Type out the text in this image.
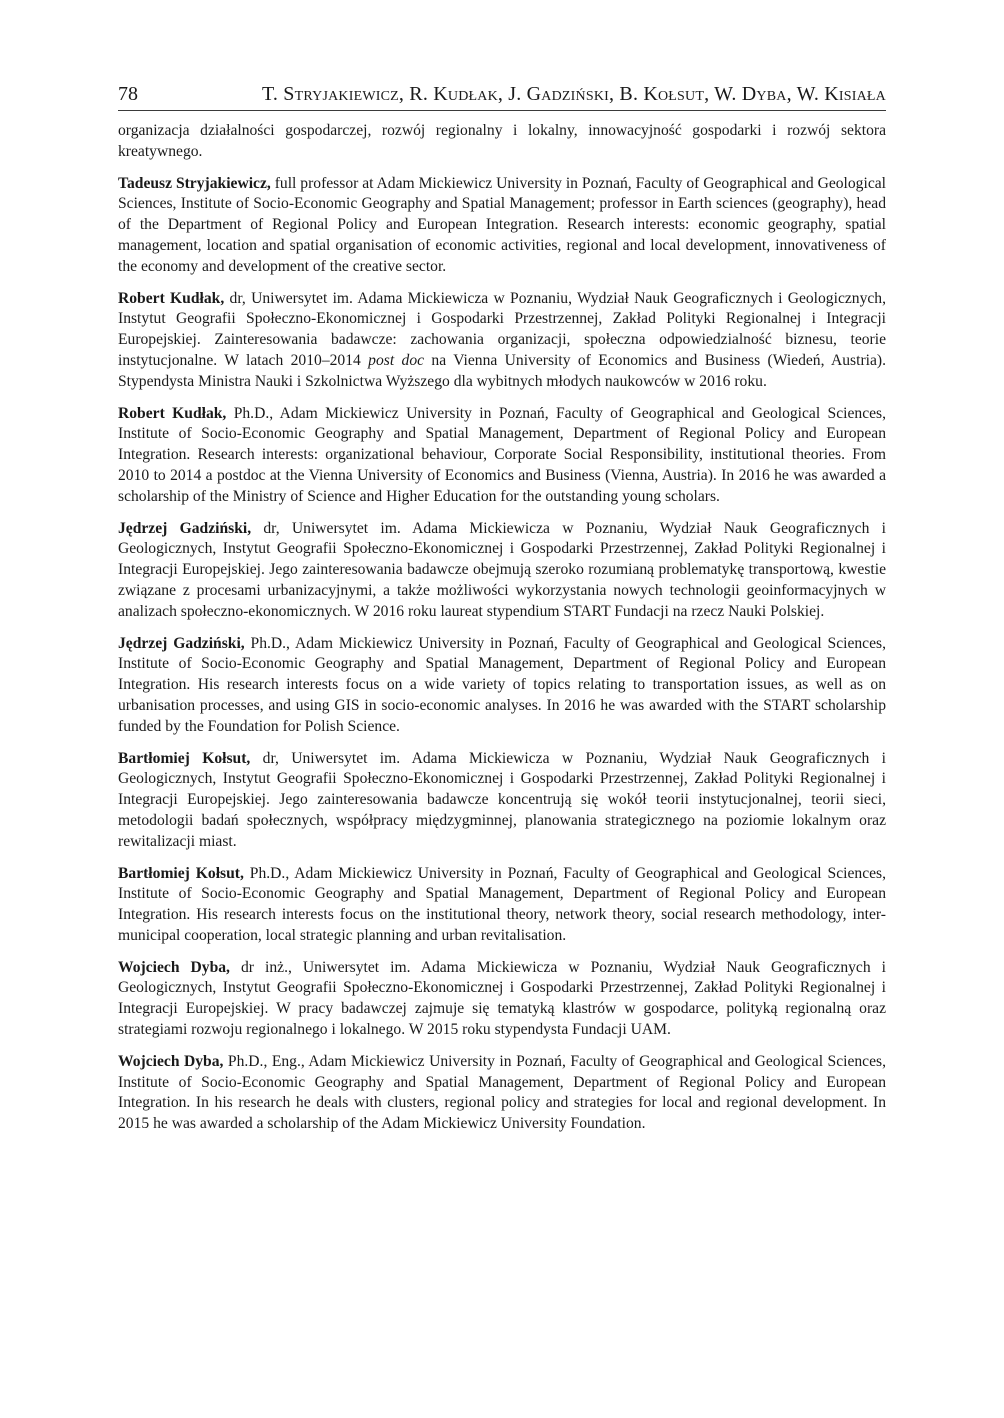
78	T. Stryjakiewicz, R. Kudłak, J. Gadziński, B. Kołsut, W. Dyba, W. Kisiała

organizacja działalności gospodarczej, rozwój regionalny i lokalny, innowacyjność gospodarki i rozwój sektora kreatywnego.

Tadeusz Stryjakiewicz, full professor at Adam Mickiewicz University in Poznań, Faculty of Geographical and Geological Sciences, Institute of Socio-Economic Geography and Spatial Management; professor in Earth sciences (geography), head of the Department of Regional Policy and European Integration. Research interests: economic geography, spatial management, location and spatial organisation of economic activities, regional and local development, innovativeness of the economy and development of the creative sector.

Robert Kudłak, dr, Uniwersytet im. Adama Mickiewicza w Poznaniu, Wydział Nauk Geograficznych i Geologicznych, Instytut Geografii Społeczno-Ekonomicznej i Gospodarki Przestrzennej, Zakład Polityki Regionalnej i Integracji Europejskiej. Zainteresowania badawcze: zachowania organizacji, społeczna odpowiedzialność biznesu, teorie instytucjonalne. W latach 2010–2014 post doc na Vienna University of Economics and Business (Wiedeń, Austria). Stypendysta Ministra Nauki i Szkolnictwa Wyższego dla wybitnych młodych naukowców w 2016 roku.

Robert Kudłak, Ph.D., Adam Mickiewicz University in Poznań, Faculty of Geographical and Geological Sciences, Institute of Socio-Economic Geography and Spatial Management, Department of Regional Policy and European Integration. Research interests: organizational behaviour, Corporate Social Responsibility, institutional theories. From 2010 to 2014 a postdoc at the Vienna University of Economics and Business (Vienna, Austria). In 2016 he was awarded a scholarship of the Ministry of Science and Higher Education for the outstanding young scholars.

Jędrzej Gadziński, dr, Uniwersytet im. Adama Mickiewicza w Poznaniu, Wydział Nauk Geograficznych i Geologicznych, Instytut Geografii Społeczno-Ekonomicznej i Gospodarki Przestrzennej, Zakład Polityki Regionalnej i Integracji Europejskiej. Jego zainteresowania badawcze obejmują szeroko rozumianą problematykę transportową, kwestie związane z procesami urbanizacyjnymi, a także możliwości wykorzystania nowych technologii geoinformacyjnych w analizach społeczno-ekonomicznych. W 2016 roku laureat stypendium START Fundacji na rzecz Nauki Polskiej.

Jędrzej Gadziński, Ph.D., Adam Mickiewicz University in Poznań, Faculty of Geographical and Geological Sciences, Institute of Socio-Economic Geography and Spatial Management, Department of Regional Policy and European Integration. His research interests focus on a wide variety of topics relating to transportation issues, as well as on urbanisation processes, and using GIS in socio-economic analyses. In 2016 he was awarded with the START scholarship funded by the Foundation for Polish Science.

Bartłomiej Kołsut, dr, Uniwersytet im. Adama Mickiewicza w Poznaniu, Wydział Nauk Geograficznych i Geologicznych, Instytut Geografii Społeczno-Ekonomicznej i Gospodarki Przestrzennej, Zakład Polityki Regionalnej i Integracji Europejskiej. Jego zainteresowania badawcze koncentrują się wokół teorii instytucjonalnej, teorii sieci, metodologii badań społecznych, współpracy międzygminnej, planowania strategicznego na poziomie lokalnym oraz rewitalizacji miast.

Bartłomiej Kołsut, Ph.D., Adam Mickiewicz University in Poznań, Faculty of Geographical and Geological Sciences, Institute of Socio-Economic Geography and Spatial Management, Department of Regional Policy and European Integration. His research interests focus on the institutional theory, network theory, social research methodology, inter-municipal cooperation, local strategic planning and urban revitalisation.

Wojciech Dyba, dr inż., Uniwersytet im. Adama Mickiewicza w Poznaniu, Wydział Nauk Geograficznych i Geologicznych, Instytut Geografii Społeczno-Ekonomicznej i Gospodarki Przestrzennej, Zakład Polityki Regionalnej i Integracji Europejskiej. W pracy badawczej zajmuje się tematyką klastrów w gospodarce, polityką regionalną oraz strategiami rozwoju regionalnego i lokalnego. W 2015 roku stypendysta Fundacji UAM.

Wojciech Dyba, Ph.D., Eng., Adam Mickiewicz University in Poznań, Faculty of Geographical and Geological Sciences, Institute of Socio-Economic Geography and Spatial Management, Department of Regional Policy and European Integration. In his research he deals with clusters, regional policy and strategies for local and regional development. In 2015 he was awarded a scholarship of the Adam Mickiewicz University Foundation.
